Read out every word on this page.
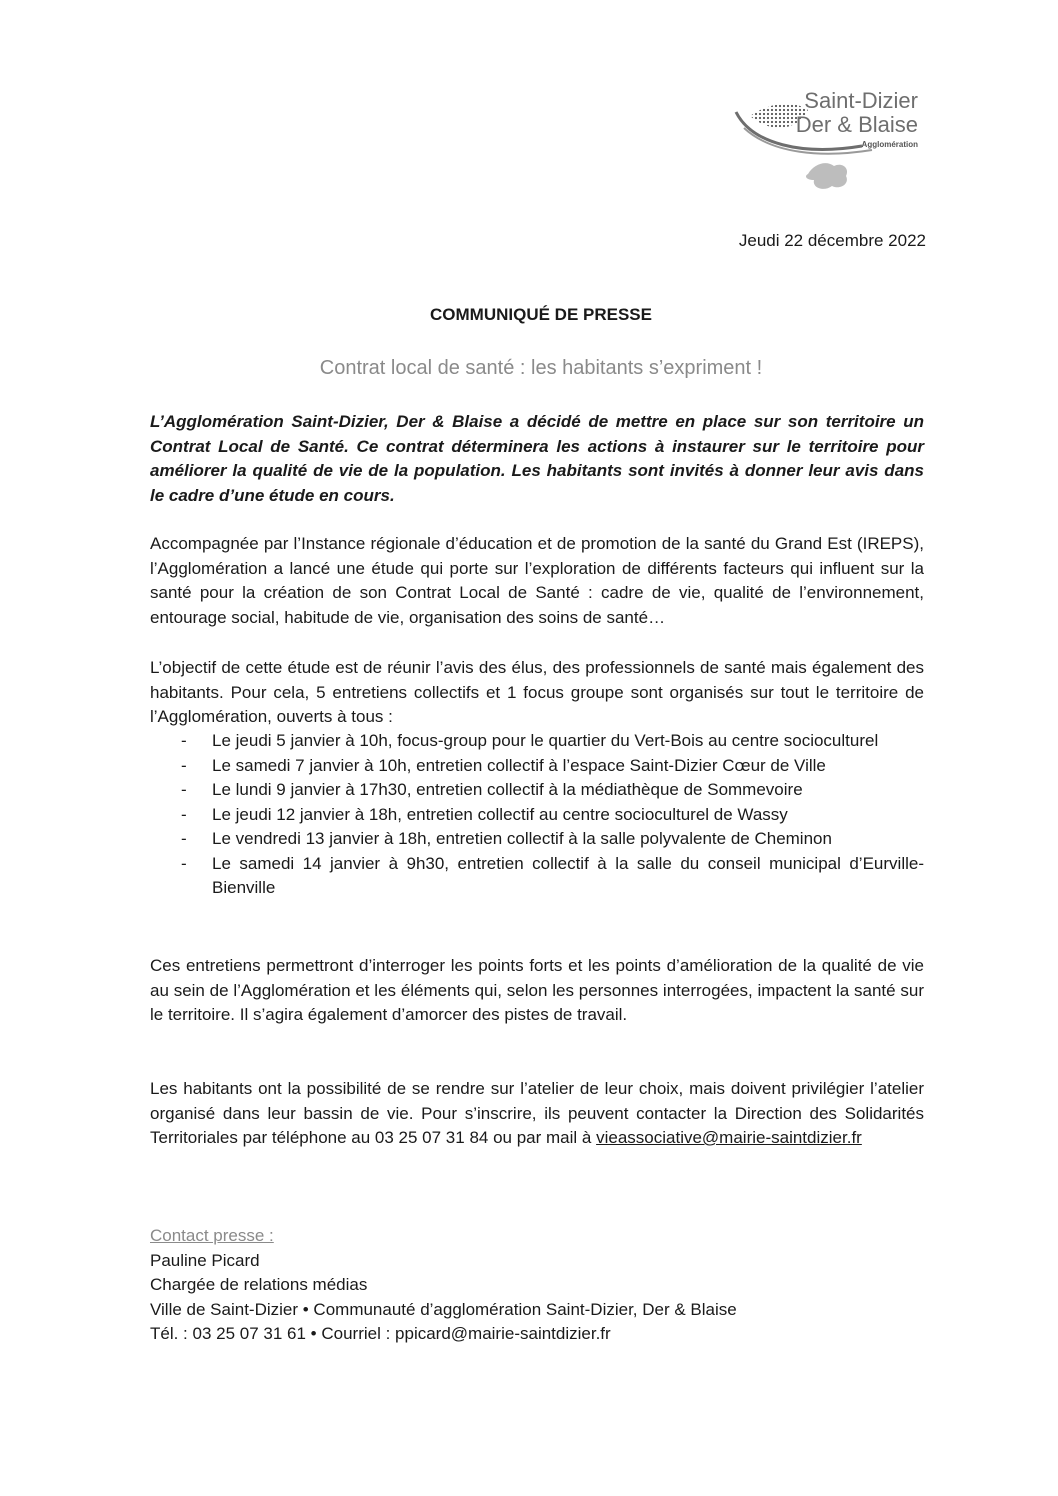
Saint-Dizier
Der & Blaise
Agglomération
Jeudi 22 décembre 2022
COMMUNIQUÉ DE PRESSE
Contrat local de santé : les habitants s’expriment !

L’Agglomération Saint-Dizier, Der & Blaise a décidé de mettre en place sur son territoire un Contrat Local de Santé. Ce contrat déterminera les actions à instaurer sur le territoire pour améliorer la qualité de vie de la population. Les habitants sont invités à donner leur avis dans le cadre d’une étude en cours.

Accompagnée par l’Instance régionale d’éducation et de promotion de la santé du Grand Est (IREPS), l’Agglomération a lancé une étude qui porte sur l’exploration de différents facteurs qui influent sur la santé pour la création de son Contrat Local de Santé : cadre de vie, qualité de l’environnement, entourage social, habitude de vie, organisation des soins de santé…

L’objectif de cette étude est de réunir l’avis des élus, des professionnels de santé mais également des habitants. Pour cela, 5 entretiens collectifs et 1 focus groupe sont organisés sur tout le territoire de l’Agglomération, ouverts à tous :

- Le jeudi 5 janvier à 10h, focus-group pour le quartier du Vert-Bois au centre socioculturel
- Le samedi 7 janvier à 10h, entretien collectif à l’espace Saint-Dizier Cœur de Ville
- Le lundi 9 janvier à 17h30, entretien collectif à la médiathèque de Sommevoire
- Le jeudi 12 janvier à 18h, entretien collectif au centre socioculturel de Wassy
- Le vendredi 13 janvier à 18h, entretien collectif à la salle polyvalente de Cheminon
- Le samedi 14 janvier à 9h30, entretien collectif à la salle du conseil municipal d’Eurville-Bienville

Ces entretiens permettront d’interroger les points forts et les points d’amélioration de la qualité de vie au sein de l’Agglomération et les éléments qui, selon les personnes interrogées, impactent la santé sur le territoire. Il s’agira également d’amorcer des pistes de travail.

Les habitants ont la possibilité de se rendre sur l’atelier de leur choix, mais doivent privilégier l’atelier organisé dans leur bassin de vie. Pour s’inscrire, ils peuvent contacter la Direction des Solidarités Territoriales par téléphone au 03 25 07 31 84 ou par mail à vieassociative@mairie-saintdizier.fr

Contact presse :
Pauline Picard
Chargée de relations médias
Ville de Saint-Dizier • Communauté d’agglomération Saint-Dizier, Der & Blaise
Tél. : 03 25 07 31 61 • Courriel : ppicard@mairie-saintdizier.fr
